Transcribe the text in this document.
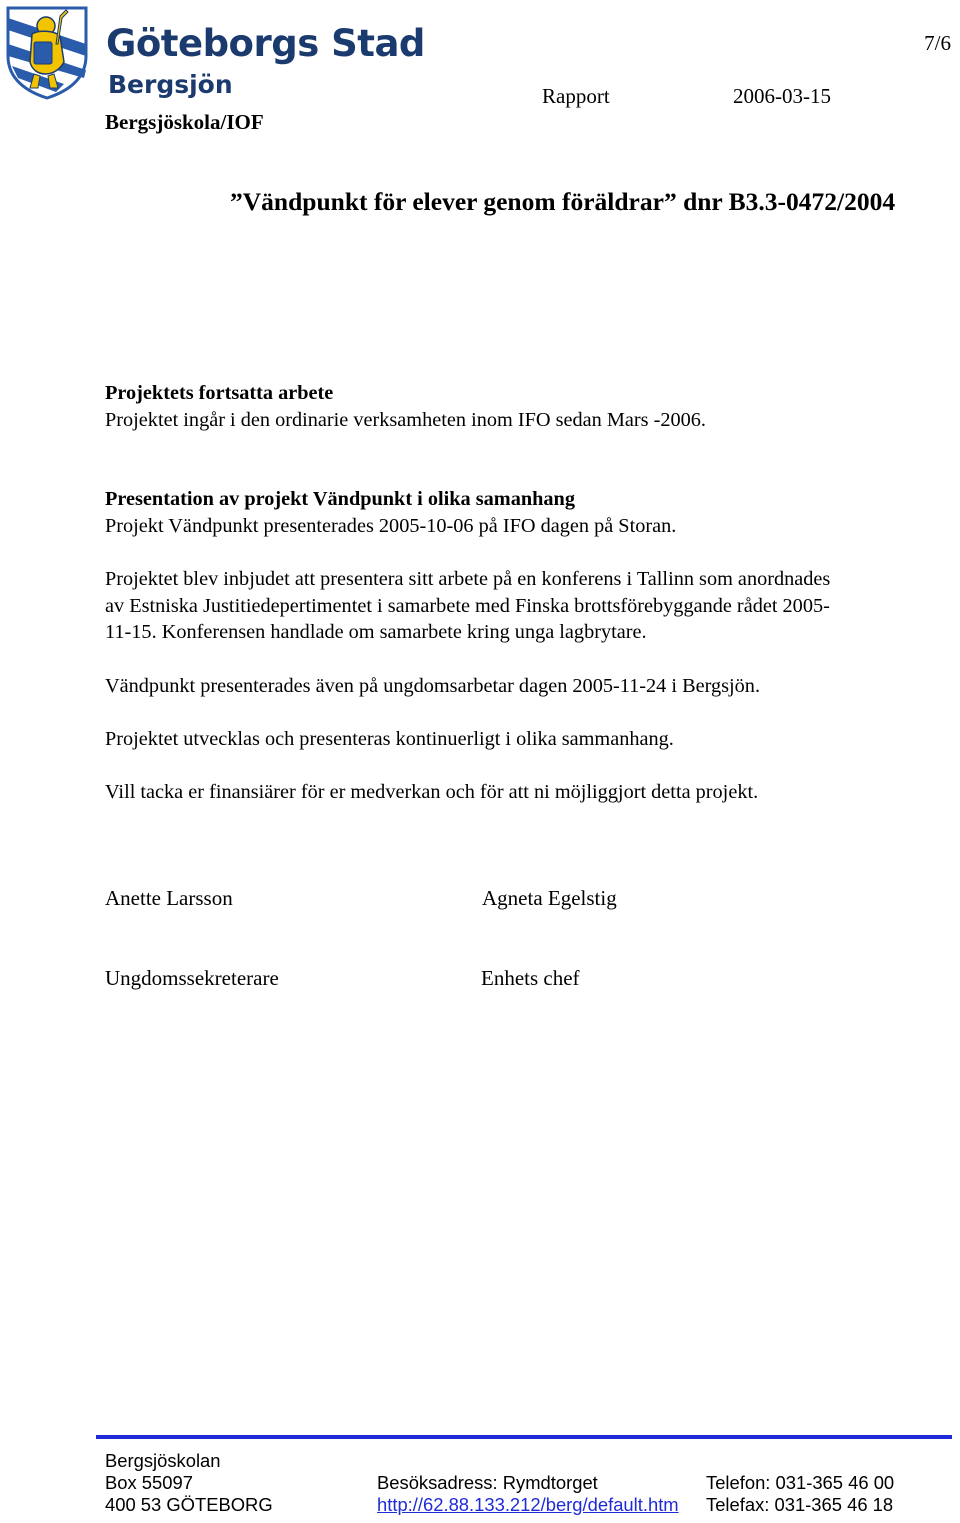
Göteborgs Stad
Bergsjön
7/6
Bergsjöskola/IOF
Rapport	2006-03-15
”Vändpunkt för elever genom föräldrar” dnr B3.3-0472/2004

Projektets fortsatta arbete

Projektet ingår i den ordinarie verksamheten inom IFO sedan Mars -2006.

Presentation av projekt Vändpunkt i olika samanhang

Projekt Vändpunkt presenterades 2005-10-06 på IFO dagen på Storan.

Projektet blev inbjudet att presentera sitt arbete på en konferens i Tallinn som anordnades

av Estniska Justitiedepertimentet i samarbete med Finska brottsförebyggande rådet 2005-

11-15. Konferensen handlade om samarbete kring unga lagbrytare.

Vändpunkt presenterades även på ungdomsarbetar dagen 2005-11-24 i Bergsjön.
Projektet utvecklas och presenteras kontinuerligt i olika sammanhang.
Vill tacka er finansiärer för er medverkan och för att ni möjliggjort detta projekt.
Anette Larsson	Agneta Egelstig
Ungdomssekreterare	Enhets chef
Bergsjöskolan
Box 55097
400 53 GÖTEBORG
Besöksadress: Rymdtorget
http://62.88.133.212/berg/default.htm
Telefon: 031-365 46 00
Telefax: 031-365 46 18
